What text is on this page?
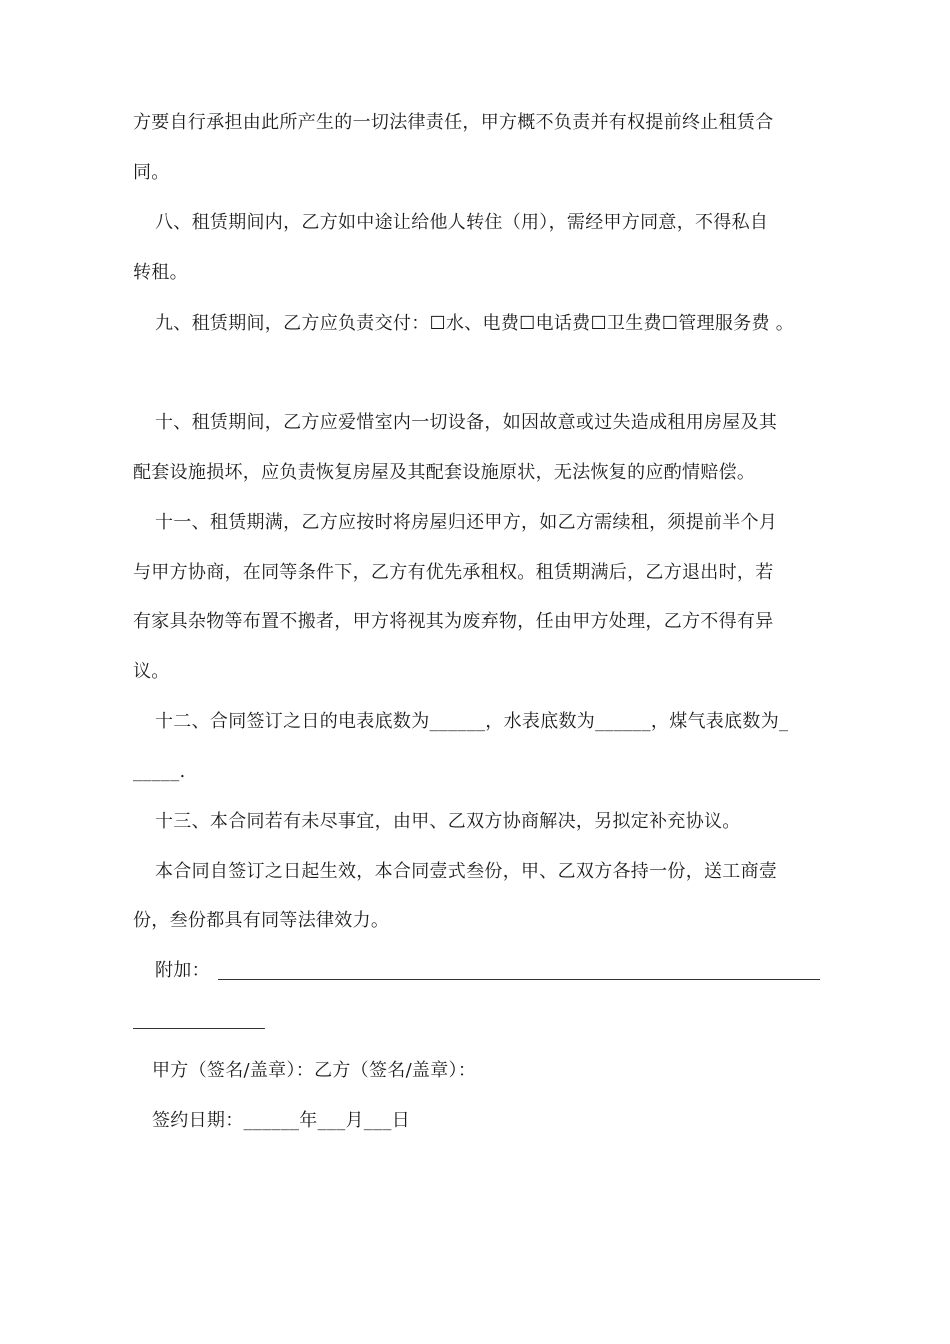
方要自行承担由此所产生的一切法律责任，甲方概不负责并有权提前终止租赁合
同。
八、租赁期间内，乙方如中途让给他人转住（用），需经甲方同意，不得私自
转租。
九、租赁期间，乙方应负责交付：☐水、电费☐电话费☐卫生费☐管理服务费 。
十、租赁期间，乙方应爱惜室内一切设备，如因故意或过失造成租用房屋及其
配套设施损坏，应负责恢复房屋及其配套设施原状，无法恢复的应酌情赔偿。
十一、租赁期满，乙方应按时将房屋归还甲方，如乙方需续租，须提前半个月
与甲方协商，在同等条件下，乙方有优先承租权。租赁期满后，乙方退出时，若
有家具杂物等布置不搬者，甲方将视其为废弃物，任由甲方处理，乙方不得有异
议。
十二、合同签订之日的电表底数为______，水表底数为______，煤气表底数为_
_____.
十三、本合同若有未尽事宜，由甲、乙双方协商解决，另拟定补充协议。
本合同自签订之日起生效，本合同壹式叁份，甲、乙双方各持一份，送工商壹
份，叁份都具有同等法律效力。
附加：
甲方（签名/盖章）：乙方（签名/盖章）：
签约日期：______年___月___日
